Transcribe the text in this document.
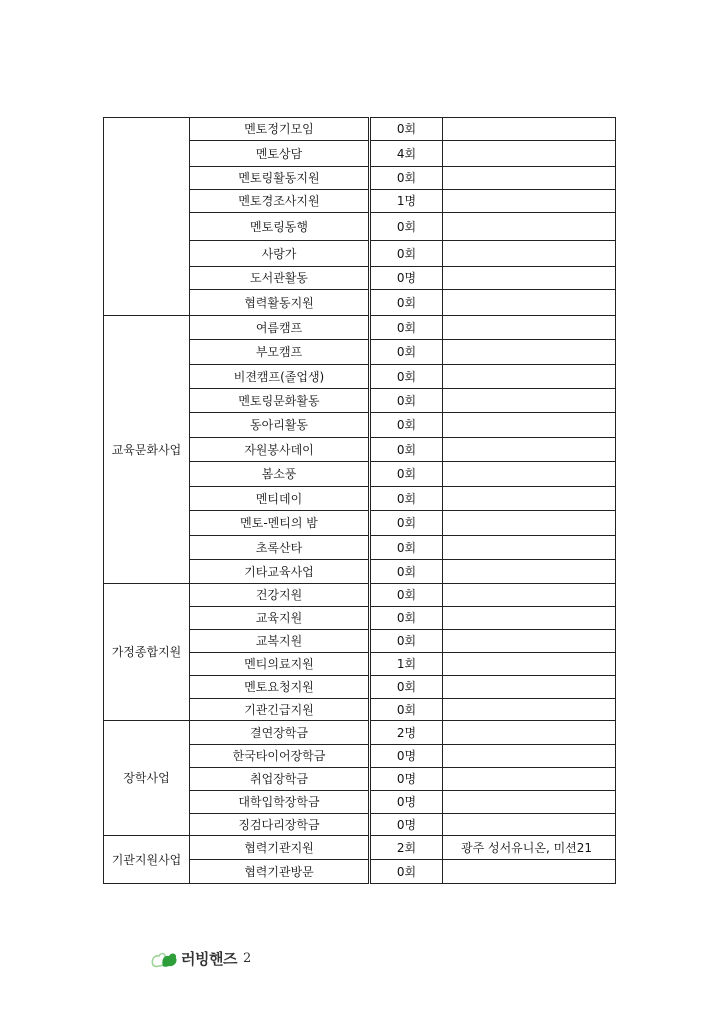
	멘토정기모임	0회	
	멘토상담	4회	
	멘토링활동지원	0회	
	멘토경조사지원	1명	
	멘토링동행	0회	
	사랑가	0회	
	도서관활동	0명	
	협력활동지원	0회	
교육문화사업	여름캠프	0회	
	부모캠프	0회	
	비젼캠프(졸업생)	0회	
	멘토링문화활동	0회	
	동아리활동	0회	
	자원봉사데이	0회	
	봄소풍	0회	
	멘티데이	0회	
	멘토-멘티의 밤	0회	
	초록산타	0회	
	기타교육사업	0회	
가정종합지원	건강지원	0회	
	교육지원	0회	
	교복지원	0회	
	멘티의료지원	1회	
	멘토요청지원	0회	
	기관긴급지원	0회	
장학사업	결연장학금	2명	
	한국타이어장학금	0명	
	취업장학금	0명	
	대학입학장학금	0명	
	징검다리장학금	0명	
기관지원사업	협력기관지원	2회	광주 성서유니온, 미션21
	협력기관방문	0회	
러빙핸즈 2
